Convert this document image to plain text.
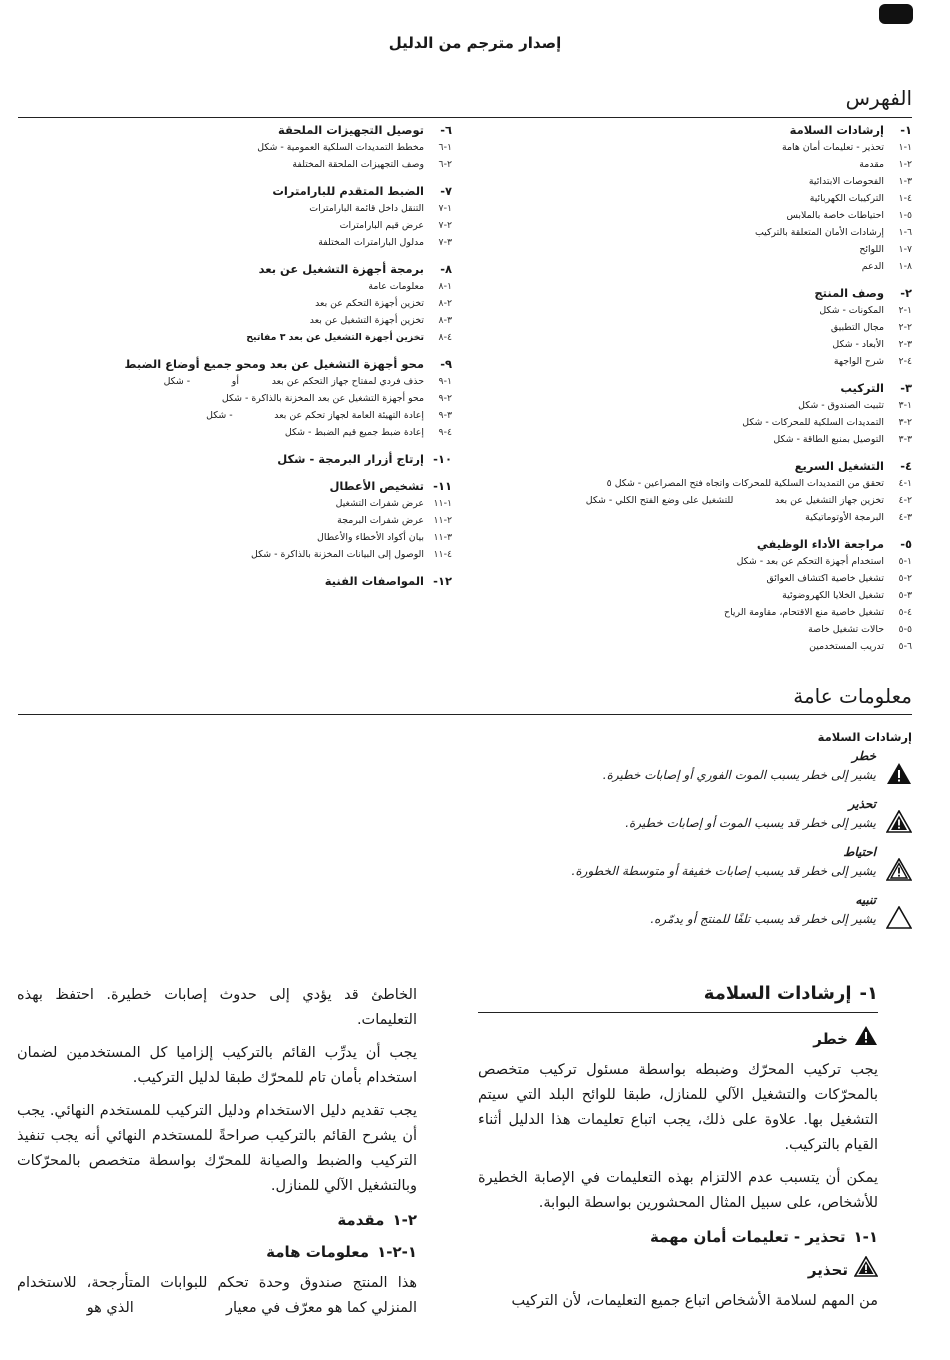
إصدار مترجم من الدليل
الفهرس
١-
إرشادات السلامة
١-١
تحذير - تعليمات أمان هامة
٢-١
مقدمة
٣-١
الفحوصات الابتدائية
٤-١
التركيبات الكهربائية
٥-١
احتياطات خاصة بالملابس
٦-١
إرشادات الأمان المتعلقة بالتركيب
٧-١
اللوائح
٨-١
الدعم
٢-
وصف المنتج
١-٢
المكونات - شكل
٢-٢
مجال التطبيق
٣-٢
الأبعاد - شكل
٤-٢
شرح الواجهة
٣-
التركيب
١-٣
تثبيت الصندوق - شكل
٢-٣
التمديدات السلكية للمحركات - شكل
٣-٣
التوصيل بمنبع الطاقة - شكل
٤-
التشغيل السريع
١-٤
تحقق من التمديدات السلكية للمحركات واتجاه فتح المصراعين - شكل ٥
٢-٤
تخزين جهاز التشغيل عن بعد              للتشغيل على وضع الفتح الكلي - شكل
٣-٤
البرمجة الأوتوماتيكية
٥-
مراجعة الأداء الوظيفي
١-٥
استخدام أجهزة التحكم عن بعد - شكل
٢-٥
تشغيل خاصية اكتشاف العوائق
٣-٥
تشغيل الخلايا الكهروضوئية
٤-٥
تشغيل خاصية منع الاقتحام، مقاومة الرياح
٥-٥
حالات تشغيل خاصة
٦-٥
تدريب المستخدمين
٦-
توصيل التجهيزات الملحقة
١-٦
مخطط التمديدات السلكية العمومية - شكل
٢-٦
وصف التجهيزات الملحقة المختلفة
٧-
الضبط المتقدم للبارامترات
١-٧
التنقل داخل قائمة البارامترات
٢-٧
عرض قيم البارامترات
٣-٧
مدلول البارامترات المختلفة
٨-
برمجة أجهزة التشغيل عن بعد
١-٨
معلومات عامة
٢-٨
تخزين أجهزة التحكم عن بعد
٣-٨
تخزين أجهزة التشغيل عن بعد
٤-٨
تخزين أجهزة التشغيل عن بعد ٣ مفاتيح
٩-
محو أجهزة التشغيل عن بعد ومحو جميع أوضاع الضبط
١-٩
حذف فردي لمفتاح جهاز التحكم عن بعد           أو              - شكل
٢-٩
محو أجهزة التشغيل عن بعد المخزنة بالذاكرة - شكل
٣-٩
إعادة التهيئة العامة لجهاز تحكم عن بعد              - شكل
٤-٩
إعادة ضبط جميع قيم الضبط - شكل
١٠-
إرتاج أزرار البرمجة - شكل
١١-
تشخيص الأعطال
١-١١
عرض شفرات التشغيل
٢-١١
عرض شفرات البرمجة
٣-١١
بيان أكواد الأخطاء والأعطال
٤-١١
الوصول إلى البيانات المخزنة بالذاكرة - شكل
١٢-
المواصفات الفنية
معلومات عامة
إرشادات السلامة
خطر
يشير إلى خطر يسبب الموت الفوري أو إصابات خطيرة.
تحذير
يشير إلى خطر قد يسبب الموت أو إصابات خطيرة.
احتياط
يشير إلى خطر قد يسبب إصابات خفيفة أو متوسطة الخطورة.
تنبيه
يشير إلى خطر قد يسبب تلفًا للمنتج أو يدمّره.
١-إرشادات السلامة
خطر

يجب تركيب المحرّك وضبطه بواسطة مسئول تركيب متخصص بالمحرّكات والتشغيل الآلي للمنازل، طبقا للوائح البلد التي سيتم التشغيل بها. علاوة على ذلك، يجب اتباع تعليمات هذا الدليل أثناء القيام بالتركيب.

يمكن أن يتسبب عدم الالتزام بهذه التعليمات في الإصابة الخطيرة للأشخاص، على سبيل المثال المحشورين بواسطة البوابة.

١-١تحذير - تعليمات أمان مهمة
تحذير

من المهم لسلامة الأشخاص اتباع جميع التعليمات، لأن التركيب

الخاطئ قد يؤدي إلى حدوث إصابات خطيرة. احتفظ بهذه التعليمات.

يجب أن يدرِّب القائم بالتركيب إلزاميا كل المستخدمين لضمان استخدام بأمان تام للمحرّك طبقا لدليل التركيب.

يجب تقديم دليل الاستخدام ودليل التركيب للمستخدم النهائي. يجب أن يشرح القائم بالتركيب صراحةً للمستخدم النهائي أنه يجب تنفيذ التركيب والضبط والصيانة للمحرّك بواسطة متخصص بالمحرّكات وبالتشغيل الآلي للمنازل.

٢-١مقدمة
١-٢-١معلومات هامة

هذا المنتج صندوق وحدة تحكم للبوابات المتأرجحة، للاستخدام المنزلي كما هو معرّف في معيار                    الذي هو
